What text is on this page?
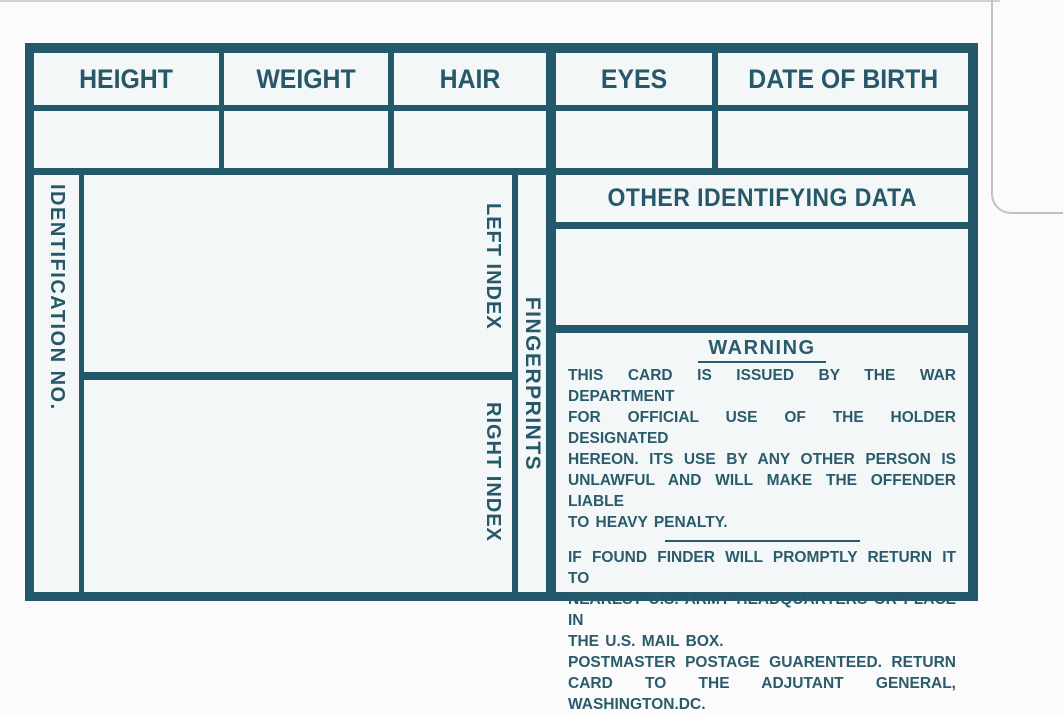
HEIGHT	WEIGHT	HAIR	EYES	DATE OF BIRTH
IDENTIFICATION NO.	LEFT INDEX
RIGHT INDEX
FINGERPRINTS
OTHER IDENTIFYING DATA
WARNING
THIS CARD IS ISSUED BY THE WAR DEPARTMENT
FOR OFFICIAL USE OF THE HOLDER DESIGNATED
HEREON. ITS USE BY ANY OTHER PERSON IS
UNLAWFUL AND WILL MAKE THE OFFENDER LIABLE
TO HEAVY PENALTY.
IF FOUND FINDER WILL PROMPTLY RETURN IT TO
NEAREST U.S. ARMY HEADQUARTERS OR PLACE IN
THE U.S. MAIL BOX.
POSTMASTER POSTAGE GUARENTEED. RETURN
CARD TO THE ADJUTANT GENERAL, WASHINGTON.DC.
